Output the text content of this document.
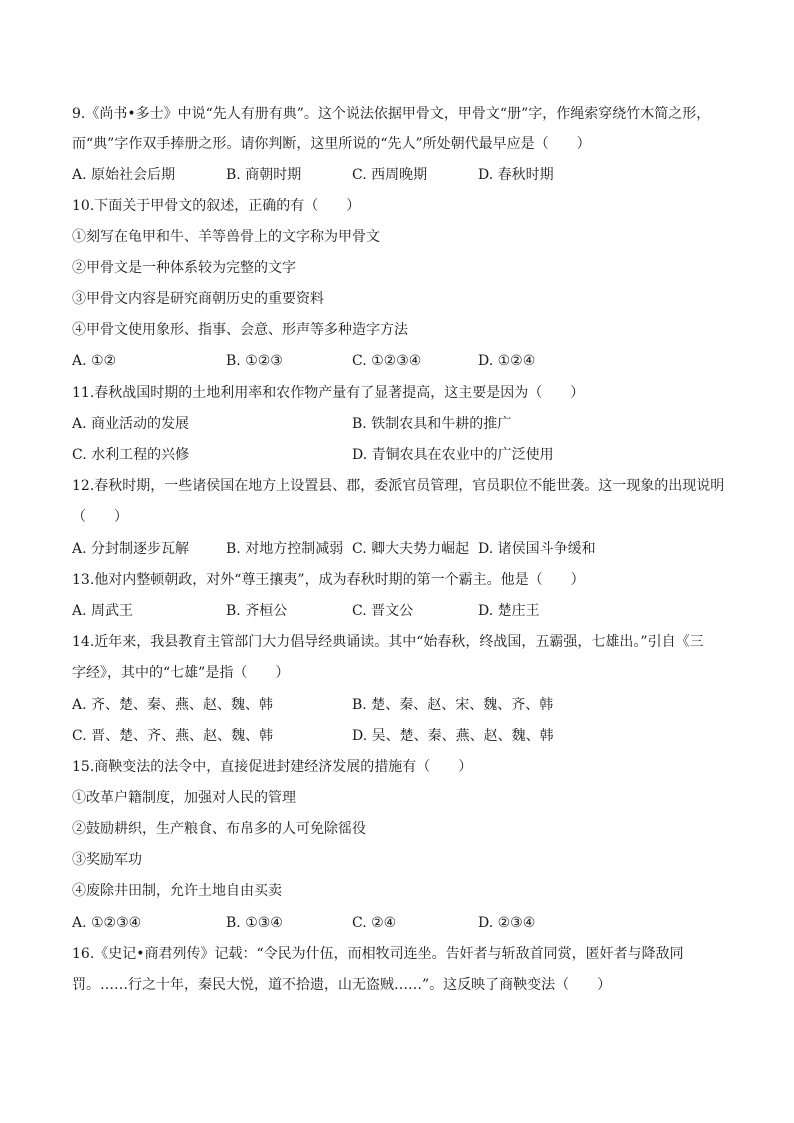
9.《尚书•多士》中说“先人有册有典”。这个说法依据甲骨文，甲骨文“册”字，作绳索穿绕竹木简之形，
而“典”字作双手捧册之形。请你判断，这里所说的“先人”所处朝代最早应是（　　）
A. 原始社会后期	B. 商朝时期	C. 西周晚期	D. 春秋时期
10.下面关于甲骨文的叙述，正确的有（　　）
①刻写在龟甲和牛、羊等兽骨上的文字称为甲骨文
②甲骨文是一种体系较为完整的文字
③甲骨文内容是研究商朝历史的重要资料
④甲骨文使用象形、指事、会意、形声等多种造字方法
A. ①②	B. ①②③	C. ①②③④	D. ①②④
11.春秋战国时期的土地利用率和农作物产量有了显著提高，这主要是因为（　　）
A. 商业活动的发展	B. 铁制农具和牛耕的推广
C. 水利工程的兴修	D. 青铜农具在农业中的广泛使用
12.春秋时期，一些诸侯国在地方上设置县、郡，委派官员管理，官员职位不能世袭。这一现象的出现说明
（　　）
A. 分封制逐步瓦解	B. 对地方控制减弱 C. 卿大夫势力崛起 D. 诸侯国斗争缓和
13.他对内整顿朝政，对外“尊王攘夷”，成为春秋时期的第一个霸主。他是（　　）
A. 周武王	B. 齐桓公	C. 晋文公	D. 楚庄王
14.近年来，我县教育主管部门大力倡导经典诵读。其中“始春秋，终战国，五霸强，七雄出。”引自《三
字经》，其中的“七雄”是指（　　）
A. 齐、楚、秦、燕、赵、魏、韩	B. 楚、秦、赵、宋、魏、齐、韩
C. 晋、楚、齐、燕、赵、魏、韩	D. 吴、楚、秦、燕、赵、魏、韩
15.商鞅变法的法令中，直接促进封建经济发展的措施有（　　）
①改革户籍制度，加强对人民的管理
②鼓励耕织，生产粮食、布帛多的人可免除徭役
③奖励军功
④废除井田制，允许土地自由买卖
A. ①②③④	B. ①③④	C. ②④	D. ②③④
16.《史记•商君列传》记载：“令民为什伍，而相牧司连坐。告奸者与斩敌首同赏，匿奸者与降敌同
罚。……行之十年，秦民大悦，道不拾遗，山无盗贼……”。这反映了商鞅变法（　　）
